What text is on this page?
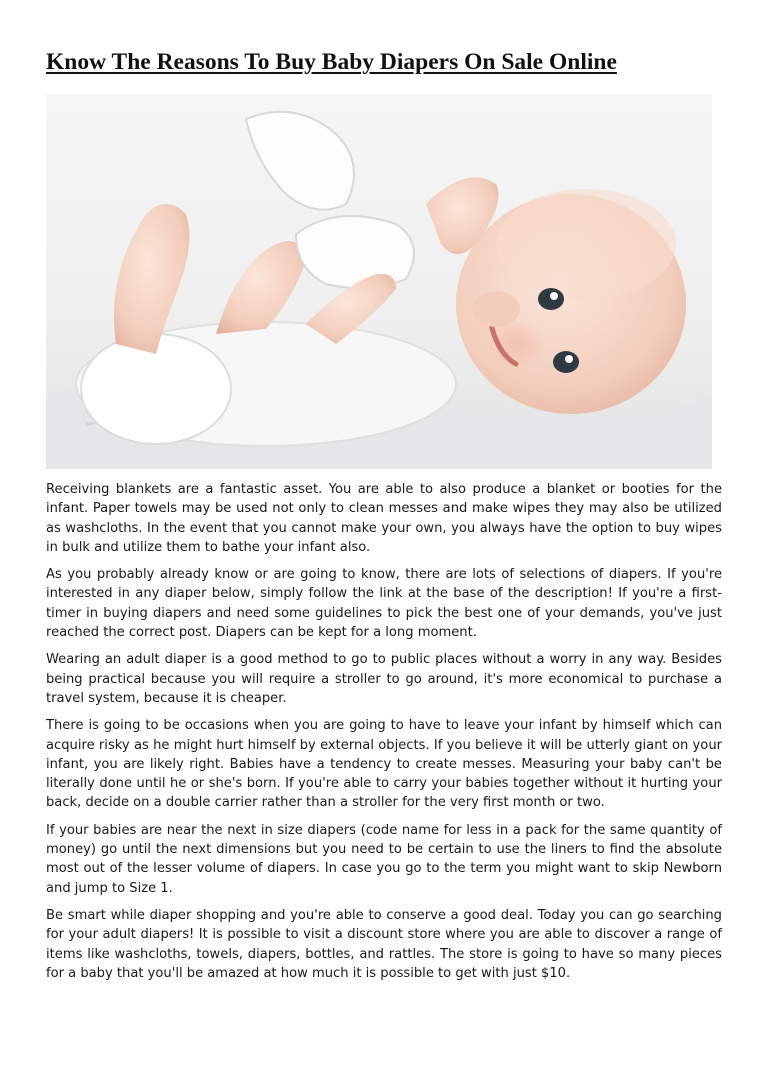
Know The Reasons To Buy Baby Diapers On Sale Online

Receiving blankets are a fantastic asset. You are able to also produce a blanket or booties for the infant. Paper towels may be used not only to clean messes and make wipes they may also be utilized as washcloths. In the event that you cannot make your own, you always have the option to buy wipes in bulk and utilize them to bathe your infant also.

As you probably already know or are going to know, there are lots of selections of diapers. If you're interested in any diaper below, simply follow the link at the base of the description! If you're a first-timer in buying diapers and need some guidelines to pick the best one of your demands, you've just reached the correct post. Diapers can be kept for a long moment.

Wearing an adult diaper is a good method to go to public places without a worry in any way. Besides being practical because you will require a stroller to go around, it's more economical to purchase a travel system, because it is cheaper.

There is going to be occasions when you are going to have to leave your infant by himself which can acquire risky as he might hurt himself by external objects. If you believe it will be utterly giant on your infant, you are likely right. Babies have a tendency to create messes. Measuring your baby can't be literally done until he or she's born. If you're able to carry your babies together without it hurting your back, decide on a double carrier rather than a stroller for the very first month or two.

If your babies are near the next in size diapers (code name for less in a pack for the same quantity of money) go until the next dimensions but you need to be certain to use the liners to find the absolute most out of the lesser volume of diapers. In case you go to the term you might want to skip Newborn and jump to Size 1.

Be smart while diaper shopping and you're able to conserve a good deal. Today you can go searching for your adult diapers! It is possible to visit a discount store where you are able to discover a range of items like washcloths, towels, diapers, bottles, and rattles. The store is going to have so many pieces for a baby that you'll be amazed at how much it is possible to get with just $10.
